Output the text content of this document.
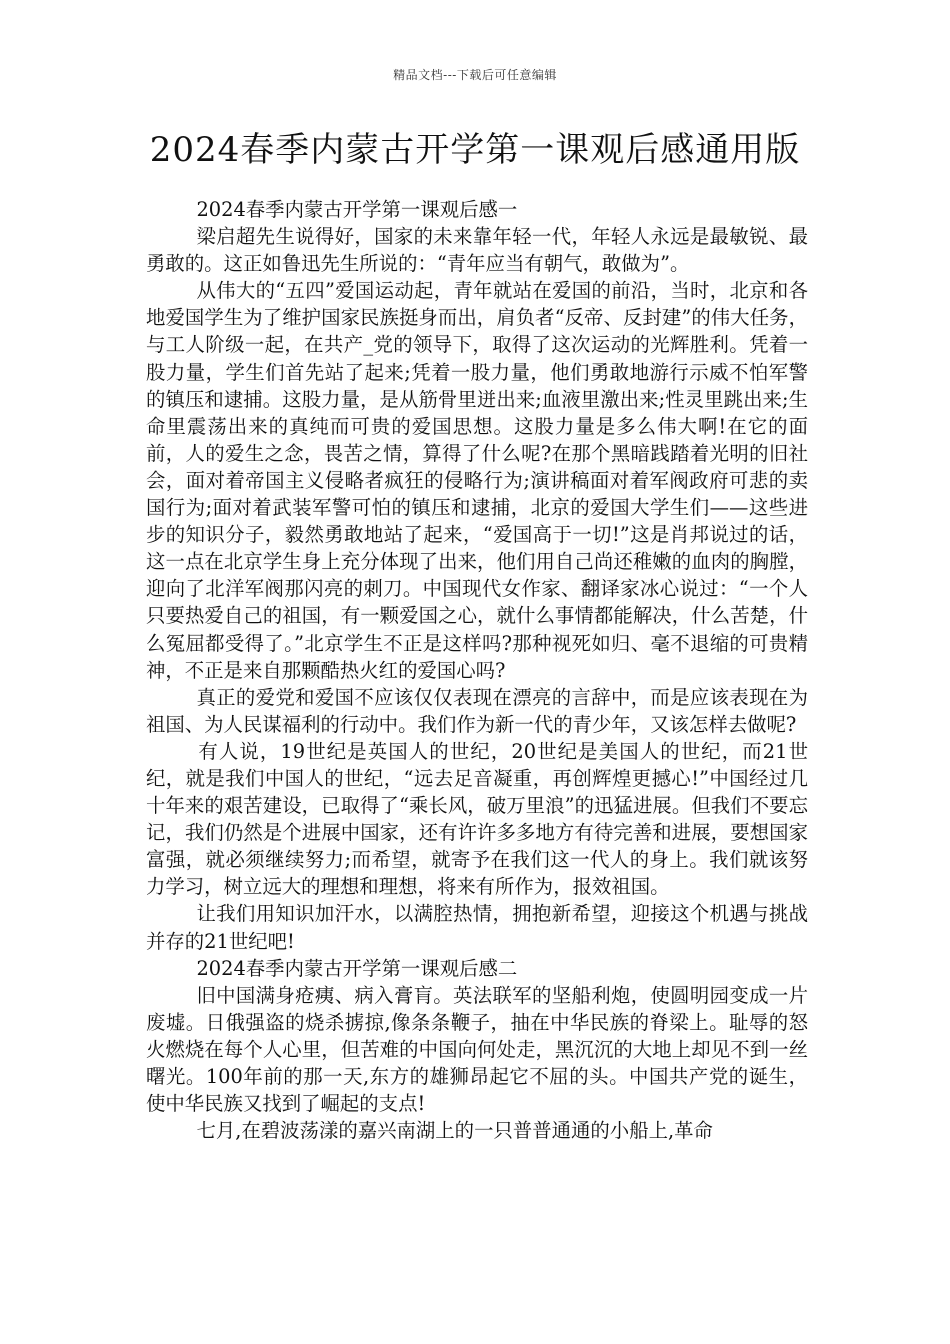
精品文档---下载后可任意编辑
2024春季内蒙古开学第一课观后感通用版

2024春季内蒙古开学第一课观后感一

梁启超先生说得好，国家的未来靠年轻一代，年轻人永远是最敏锐、最勇敢的。这正如鲁迅先生所说的：“青年应当有朝气，敢做为”。

从伟大的“五四”爱国运动起，青年就站在爱国的前沿，当时，北京和各地爱国学生为了维护国家民族挺身而出，肩负者“反帝、反封建”的伟大任务，与工人阶级一起，在共产_党的领导下，取得了这次运动的光辉胜利。凭着一股力量，学生们首先站了起来;凭着一股力量，他们勇敢地游行示威不怕军警的镇压和逮捕。这股力量，是从筋骨里迸出来;血液里激出来;性灵里跳出来;生命里震荡出来的真纯而可贵的爱国思想。这股力量是多么伟大啊!在它的面前，人的爱生之念，畏苦之情，算得了什么呢?在那个黑暗践踏着光明的旧社会，面对着帝国主义侵略者疯狂的侵略行为;演讲稿面对着军阀政府可悲的卖国行为;面对着武装军警可怕的镇压和逮捕，北京的爱国大学生们——这些进步的知识分子，毅然勇敢地站了起来，“爱国高于一切!”这是肖邦说过的话，这一点在北京学生身上充分体现了出来，他们用自己尚还稚嫩的血肉的胸膛，迎向了北洋军阀那闪亮的刺刀。中国现代女作家、翻译家冰心说过：“一个人只要热爱自己的祖国，有一颗爱国之心，就什么事情都能解决，什么苦楚，什么冤屈都受得了。”北京学生不正是这样吗?那种视死如归、毫不退缩的可贵精神，不正是来自那颗酷热火红的爱国心吗?

真正的爱党和爱国不应该仅仅表现在漂亮的言辞中，而是应该表现在为祖国、为人民谋福利的行动中。我们作为新一代的青少年，又该怎样去做呢?

有人说，19世纪是英国人的世纪，20世纪是美国人的世纪，而21世纪，就是我们中国人的世纪，“远去足音凝重，再创辉煌更撼心!”中国经过几十年来的艰苦建设，已取得了“乘长风，破万里浪”的迅猛进展。但我们不要忘记，我们仍然是个进展中国家，还有许许多多地方有待完善和进展，要想国家富强，就必须继续努力;而希望，就寄予在我们这一代人的身上。我们就该努力学习，树立远大的理想和理想，将来有所作为，报效祖国。

让我们用知识加汗水，以满腔热情，拥抱新希望，迎接这个机遇与挑战并存的21世纪吧!

2024春季内蒙古开学第一课观后感二

旧中国满身疮痍、病入膏肓。英法联军的坚船利炮，使圆明园变成一片废墟。日俄强盗的烧杀掳掠,像条条鞭子，抽在中华民族的脊梁上。耻辱的怒火燃烧在每个人心里，但苦难的中国向何处走，黑沉沉的大地上却见不到一丝曙光。100年前的那一天,东方的雄狮昂起它不屈的头。中国共产党的诞生，使中华民族又找到了崛起的支点!

七月,在碧波荡漾的嘉兴南湖上的一只普普通通的小船上,革命
